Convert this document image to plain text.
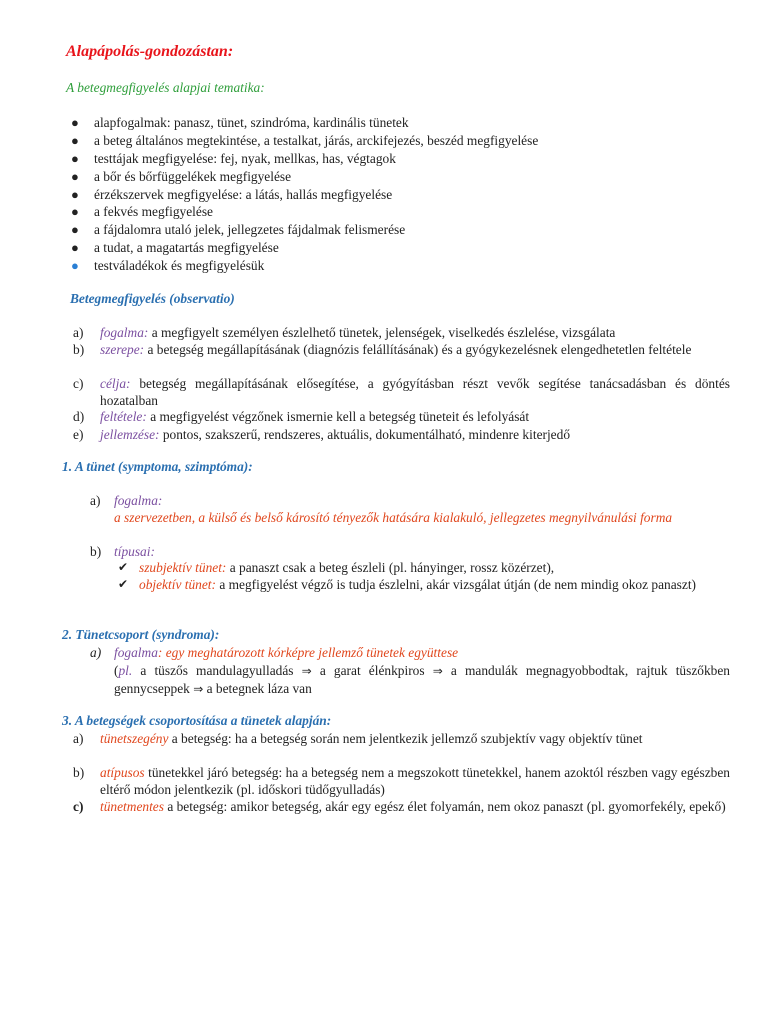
Alapápolás-gondozástan:
A betegmegfigyelés alapjai tematika:
● alapfogalmak: panasz, tünet, szindróma, kardinális tünetek
● a beteg általános megtekintése, a testalkat, járás, arckifejezés, beszéd megfigyelése
● testtájak megfigyelése: fej, nyak, mellkas, has, végtagok
● a bőr és bőrfüggelékek megfigyelése
● érzékszervek megfigyelése: a látás, hallás megfigyelése
● a fekvés megfigyelése
● a fájdalomra utaló jelek, jellegzetes fájdalmak felismerése
● a tudat, a magatartás megfigyelése
● testváladékok és megfigyelésük
Betegmegfigyelés (observatio)
a) fogalma: a megfigyelt személyen észlelhető tünetek, jelenségek, viselkedés észlelése, vizsgálata
b) szerepe: a betegség megállapításának (diagnózis felállításának) és a gyógykezelésnek elengedhetetlen feltétele
c) célja: betegség megállapításának elősegítése, a gyógyításban részt vevők segítése tanácsadásban és döntés hozatalban
d) feltétele: a megfigyelést végzőnek ismernie kell a betegség tüneteit és lefolyását
e) jellemzése: pontos, szakszerű, rendszeres, aktuális, dokumentálható, mindenre kiterjedő
1. A tünet (symptoma, szimptóma):
a) fogalma:
a szervezetben, a külső és belső károsító tényezők hatására kialakuló, jellegzetes megnyilvánulási forma
b) típusai:
✔ szubjektív tünet: a panaszt csak a beteg észleli (pl. hányinger, rossz közérzet),
✔ objektív tünet: a megfigyelést végző is tudja észlelni, akár vizsgálat útján (de nem mindig okoz panaszt)
2. Tünetcsoport (syndroma):
a) fogalma: egy meghatározott kórképre jellemző tünetek együttese
(pl. a tüszős mandulagyulladás ⇒ a garat élénkpiros ⇒ a mandulák megnagyobbodtak, rajtuk tüszőkben gennycseppek ⇒ a betegnek láza van
3. A betegségek csoportosítása a tünetek alapján:
a) tünetszegény a betegség: ha a betegség során nem jelentkezik jellemző szubjektív vagy objektív tünet
b) atípusos tünetekkel járó betegség: ha a betegség nem a megszokott tünetekkel, hanem azoktól részben vagy egészben eltérő módon jelentkezik (pl. időskori tüdőgyulladás)
c) tünetmentes a betegség: amikor betegség, akár egy egész élet folyamán, nem okoz panaszt (pl. gyomorfekély, epekő)
